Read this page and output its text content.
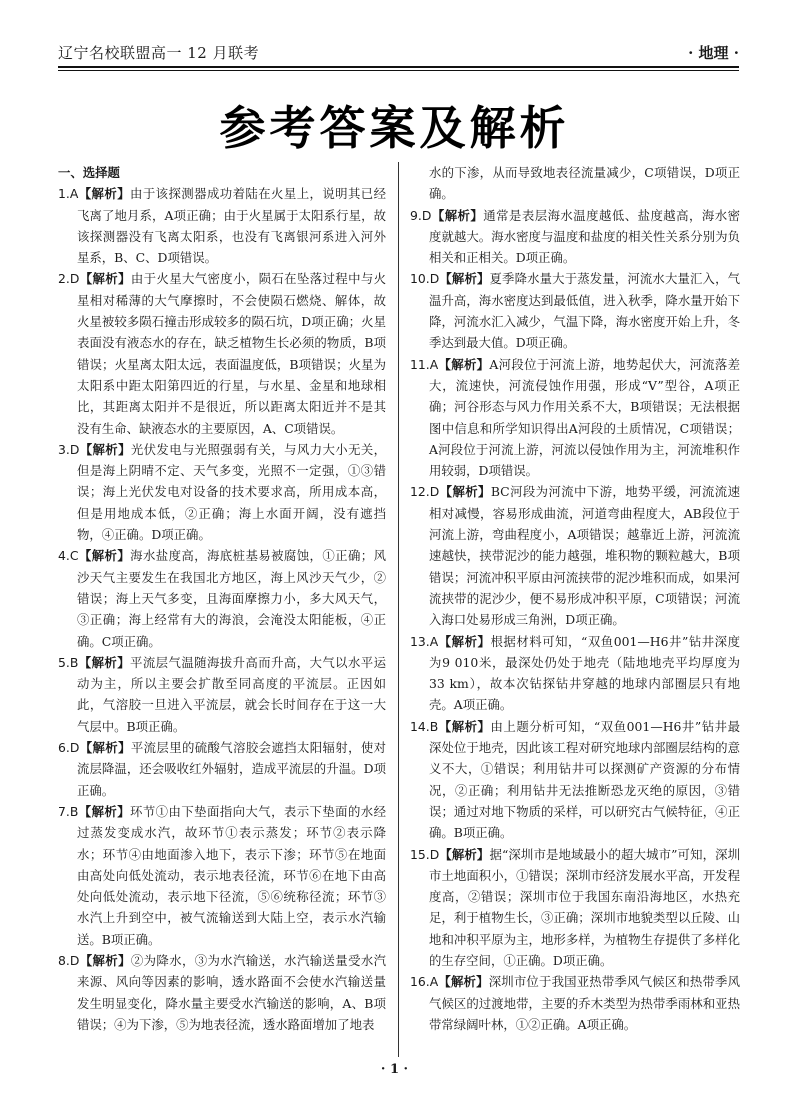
辽宁名校联盟高一 12 月联考	· 地理 ·
参考答案及解析
一、选择题

1.A【解析】由于该探测器成功着陆在火星上，说明其已经飞离了地月系，A项正确；由于火星属于太阳系行星，故该探测器没有飞离太阳系，也没有飞离银河系进入河外星系，B、C、D项错误。

2.D【解析】由于火星大气密度小，陨石在坠落过程中与火星相对稀薄的大气摩擦时，不会使陨石燃烧、解体，故火星被较多陨石撞击形成较多的陨石坑，D项正确；火星表面没有液态水的存在，缺乏植物生长必须的物质，B项错误；火星离太阳太远，表面温度低，B项错误；火星为太阳系中距太阳第四近的行星，与水星、金星和地球相比，其距离太阳并不是很近，所以距离太阳近并不是其没有生命、缺液态水的主要原因，A、C项错误。

3.D【解析】光伏发电与光照强弱有关，与风力大小无关，但是海上阴晴不定、天气多变，光照不一定强，①③错误；海上光伏发电对设备的技术要求高，所用成本高，但是用地成本低，②正确；海上水面开阔，没有遮挡物，④正确。D项正确。

4.C【解析】海水盐度高，海底桩基易被腐蚀，①正确；风沙天气主要发生在我国北方地区，海上风沙天气少，②错误；海上天气多变，且海面摩擦力小，多大风天气，③正确；海上经常有大的海浪，会淹没太阳能板，④正确。C项正确。

5.B【解析】平流层气温随海拔升高而升高，大气以水平运动为主，所以主要会扩散至同高度的平流层。正因如此，气溶胶一旦进入平流层，就会长时间存在于这一大气层中。B项正确。

6.D【解析】平流层里的硫酸气溶胶会遮挡太阳辐射，使对流层降温，还会吸收红外辐射，造成平流层的升温。D项正确。

7.B【解析】环节①由下垫面指向大气，表示下垫面的水经过蒸发变成水汽，故环节①表示蒸发；环节②表示降水；环节④由地面渗入地下，表示下渗；环节⑤在地面由高处向低处流动，表示地表径流，环节⑥在地下由高处向低处流动，表示地下径流，⑤⑥统称径流；环节③水汽上升到空中，被气流输送到大陆上空，表示水汽输送。B项正确。

8.D【解析】②为降水，③为水汽输送，水汽输送量受水汽来源、风向等因素的影响，透水路面不会使水汽输送量发生明显变化，降水量主要受水汽输送的影响，A、B项错误；④为下渗，⑤为地表径流，透水路面增加了地表

水的下渗，从而导致地表径流量减少，C项错误，D项正确。

9.D【解析】通常是表层海水温度越低、盐度越高，海水密度就越大。海水密度与温度和盐度的相关性关系分别为负相关和正相关。D项正确。

10.D【解析】夏季降水量大于蒸发量，河流水大量汇入，气温升高，海水密度达到最低值，进入秋季，降水量开始下降，河流水汇入减少，气温下降，海水密度开始上升，冬季达到最大值。D项正确。

11.A【解析】A河段位于河流上游，地势起伏大，河流落差大，流速快，河流侵蚀作用强，形成“V”型谷，A项正确；河谷形态与风力作用关系不大，B项错误；无法根据图中信息和所学知识得出A河段的土质情况，C项错误；A河段位于河流上游，河流以侵蚀作用为主，河流堆积作用较弱，D项错误。

12.D【解析】BC河段为河流中下游，地势平缓，河流流速相对减慢，容易形成曲流，河道弯曲程度大，AB段位于河流上游，弯曲程度小，A项错误；越靠近上游，河流流速越快，挟带泥沙的能力越强，堆积物的颗粒越大，B项错误；河流冲积平原由河流挟带的泥沙堆积而成，如果河流挟带的泥沙少，便不易形成冲积平原，C项错误；河流入海口处易形成三角洲，D项正确。

13.A【解析】根据材料可知，“双鱼001—H6井”钻井深度为9 010米，最深处仍处于地壳（陆地地壳平均厚度为33 km），故本次钻探钻井穿越的地球内部圈层只有地壳。A项正确。

14.B【解析】由上题分析可知，“双鱼001—H6井”钻井最深处位于地壳，因此该工程对研究地球内部圈层结构的意义不大，①错误；利用钻井可以探测矿产资源的分布情况，②正确；利用钻井无法推断恐龙灭绝的原因，③错误；通过对地下物质的采样，可以研究古气候特征，④正确。B项正确。

15.D【解析】据“深圳市是地域最小的超大城市”可知，深圳市土地面积小，①错误；深圳市经济发展水平高，开发程度高，②错误；深圳市位于我国东南沿海地区，水热充足，利于植物生长，③正确；深圳市地貌类型以丘陵、山地和冲积平原为主，地形多样，为植物生存提供了多样化的生存空间，①正确。D项正确。

16.A【解析】深圳市位于我国亚热带季风气候区和热带季风气候区的过渡地带，主要的乔木类型为热带季雨林和亚热带常绿阔叶林，①②正确。A项正确。

· 1 ·
